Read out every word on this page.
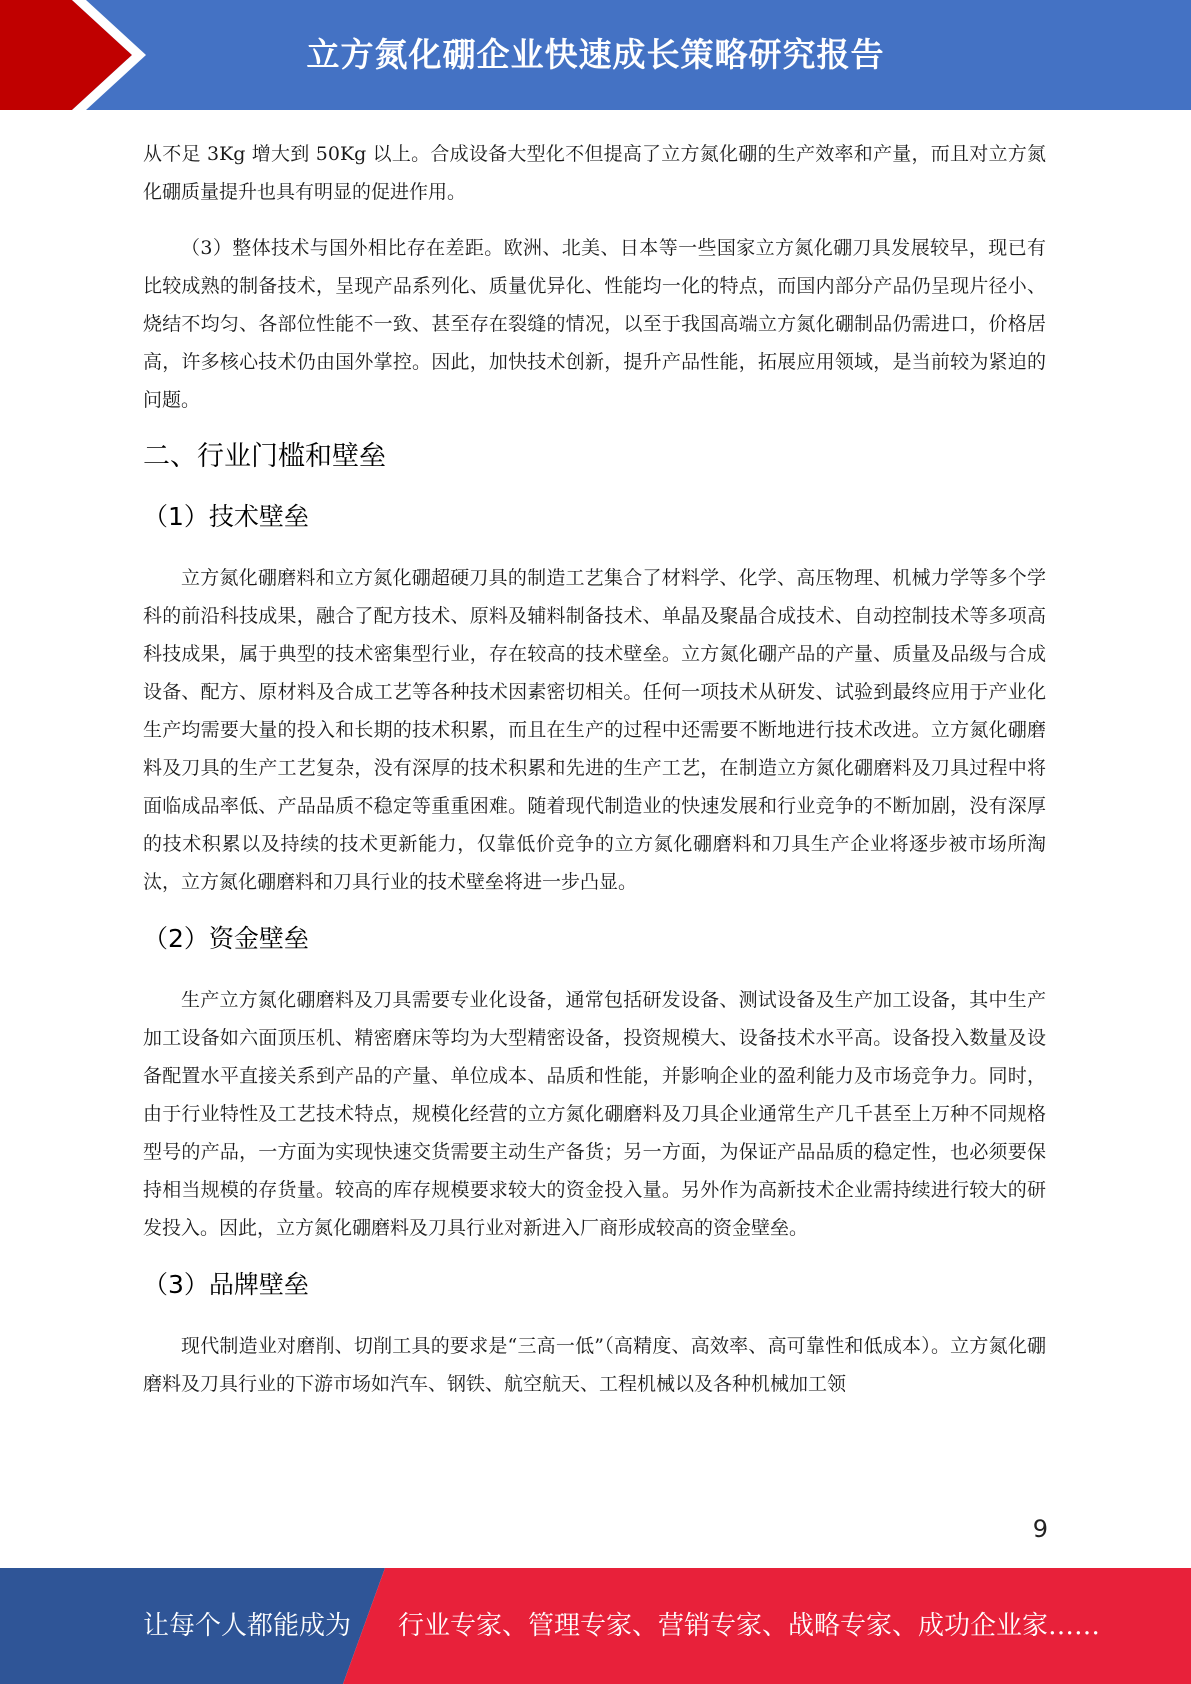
立方氮化硼企业快速成长策略研究报告

从不足 3Kg 增大到 50Kg 以上。合成设备大型化不但提高了立方氮化硼的生产效率和产量，而且对立方氮化硼质量提升也具有明显的促进作用。

（3）整体技术与国外相比存在差距。欧洲、北美、日本等一些国家立方氮化硼刀具发展较早，现已有比较成熟的制备技术，呈现产品系列化、质量优异化、性能均一化的特点，而国内部分产品仍呈现片径小、烧结不均匀、各部位性能不一致、甚至存在裂缝的情况，以至于我国高端立方氮化硼制品仍需进口，价格居高，许多核心技术仍由国外掌控。因此，加快技术创新，提升产品性能，拓展应用领域，是当前较为紧迫的问题。

二、行业门槛和壁垒
（1）技术壁垒

立方氮化硼磨料和立方氮化硼超硬刀具的制造工艺集合了材料学、化学、高压物理、机械力学等多个学科的前沿科技成果，融合了配方技术、原料及辅料制备技术、单晶及聚晶合成技术、自动控制技术等多项高科技成果，属于典型的技术密集型行业，存在较高的技术壁垒。立方氮化硼产品的产量、质量及品级与合成设备、配方、原材料及合成工艺等各种技术因素密切相关。任何一项技术从研发、试验到最终应用于产业化生产均需要大量的投入和长期的技术积累，而且在生产的过程中还需要不断地进行技术改进。立方氮化硼磨料及刀具的生产工艺复杂，没有深厚的技术积累和先进的生产工艺，在制造立方氮化硼磨料及刀具过程中将面临成品率低、产品品质不稳定等重重困难。随着现代制造业的快速发展和行业竞争的不断加剧，没有深厚的技术积累以及持续的技术更新能力，仅靠低价竞争的立方氮化硼磨料和刀具生产企业将逐步被市场所淘汰，立方氮化硼磨料和刀具行业的技术壁垒将进一步凸显。

（2）资金壁垒

生产立方氮化硼磨料及刀具需要专业化设备，通常包括研发设备、测试设备及生产加工设备，其中生产加工设备如六面顶压机、精密磨床等均为大型精密设备，投资规模大、设备技术水平高。设备投入数量及设备配置水平直接关系到产品的产量、单位成本、品质和性能，并影响企业的盈利能力及市场竞争力。同时，由于行业特性及工艺技术特点，规模化经营的立方氮化硼磨料及刀具企业通常生产几千甚至上万种不同规格型号的产品，一方面为实现快速交货需要主动生产备货；另一方面，为保证产品品质的稳定性，也必须要保持相当规模的存货量。较高的库存规模要求较大的资金投入量。另外作为高新技术企业需持续进行较大的研发投入。因此，立方氮化硼磨料及刀具行业对新进入厂商形成较高的资金壁垒。

（3）品牌壁垒

现代制造业对磨削、切削工具的要求是“三高一低”（高精度、高效率、高可靠性和低成本）。立方氮化硼磨料及刀具行业的下游市场如汽车、钢铁、航空航天、工程机械以及各种机械加工领

9
让每个人都能成为 行业专家、管理专家、营销专家、战略专家、成功企业家……
